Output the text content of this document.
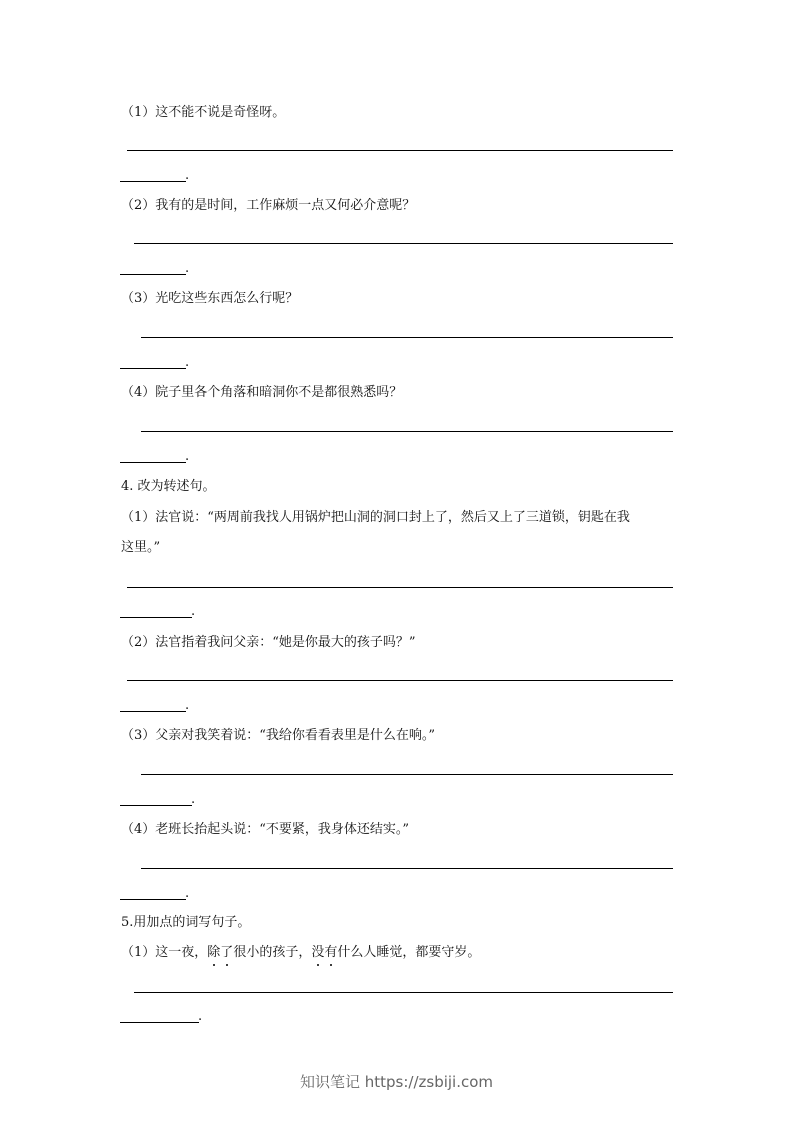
（1）这不能不说是奇怪呀。
.
（2）我有的是时间，工作麻烦一点又何必介意呢？
.
（3）光吃这些东西怎么行呢？
.
（4）院子里各个角落和暗洞你不是都很熟悉吗？
.
4. 改为转述句。
（1）法官说：“两周前我找人用锅炉把山洞的洞口封上了，然后又上了三道锁，钥匙在我
这里。”
.
（2）法官指着我问父亲：“她是你最大的孩子吗？”
.
（3）父亲对我笑着说：“我给你看看表里是什么在响。”
.
（4）老班长抬起头说：“不要紧，我身体还结实。”
.
5.用加点的词写句子。
（1）这一夜，除了很小的孩子，没有什么人睡觉，都要守岁。
.
知识笔记 https://zsbiji.com
